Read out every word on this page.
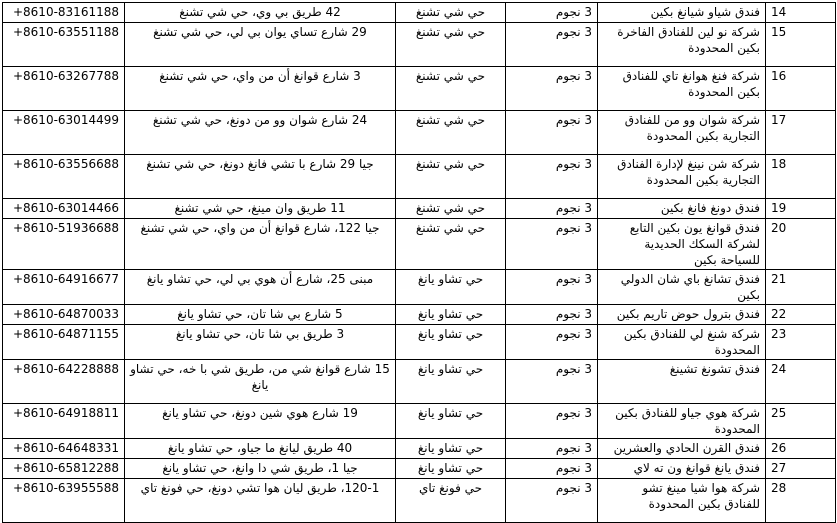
14	فندق شياو شيانغ بكين	3 نجوم	حي شي تشنغ	42 طريق بي وي، حي شي تشنغ	+8610-83161188
15	شركة نو لين للفنادق الفاخرة بكين المحدودة	3 نجوم	حي شي تشنغ	29 شارع تساي يوان بي لي، حي شي تشنغ	+8610-63551188
16	شركة فنغ هوانغ تاي للفنادق بكين المحدودة	3 نجوم	حي شي تشنغ	3 شارع قوانغ أن من واي، حي شي تشنغ	+8610-63267788
17	شركة شوان وو من للفنادق التجارية بكين المحدودة	3 نجوم	حي شي تشنغ	24 شارع شوان وو من دونغ، حي شي تشنغ	+8610-63014499
18	شركة شن نينغ لإدارة الفنادق التجارية بكين المحدودة	3 نجوم	حي شي تشنغ	جيا 29 شارع با تشي فانغ دونغ، حي شي تشنغ	+8610-63556688
19	فندق دونغ فانغ بكين	3 نجوم	حي شي تشنغ	11 طريق وان مينغ، حي شي تشنغ	+8610-63014466
20	فندق قوانغ يون بكين التابع لشركة السكك الحديدية للسياحة بكين	3 نجوم	حي شي تشنغ	جيا 122، شارع قوانغ أن من واي، حي شي تشنغ	+8610-51936688
21	فندق تشانغ باي شان الدولي بكين	3 نجوم	حي تشاو يانغ	مبنى 25، شارع أن هوي بي لي، حي تشاو يانغ	+8610-64916677
22	فندق بترول حوض تاريم بكين	3 نجوم	حي تشاو يانغ	5 شارع بي شا تان، حي تشاو يانغ	+8610-64870033
23	شركة شنغ لي للفنادق بكين المحدودة	3 نجوم	حي تشاو يانغ	3 طريق بي شا تان، حي تشاو يانغ	+8610-64871155
24	فندق تشونغ تشينغ	3 نجوم	حي تشاو يانغ	15 شارع قوانغ شي من، طريق شي با خه، حي تشاو يانغ	+8610-64228888
25	شركة هوي جياو للفنادق بكين المحدودة	3 نجوم	حي تشاو يانغ	19 شارع هوي شين دونغ، حي تشاو يانغ	+8610-64918811
26	فندق القرن الحادي والعشرين	3 نجوم	حي تشاو يانغ	40 طريق ليانغ ما جياو، حي تشاو يانغ	+8610-64648331
27	فندق يانغ قوانغ ون ته لاي	3 نجوم	حي تشاو يانغ	جيا 1، طريق شي دا وانغ، حي تشاو يانغ	+8610-65812288
28	شركة هوا شيا مينغ تشو للفنادق بكين المحدودة	3 نجوم	حي فونغ تاي	120-1، طريق ليان هوا تشي دونغ، حي فونغ تاي	+8610-63955588
